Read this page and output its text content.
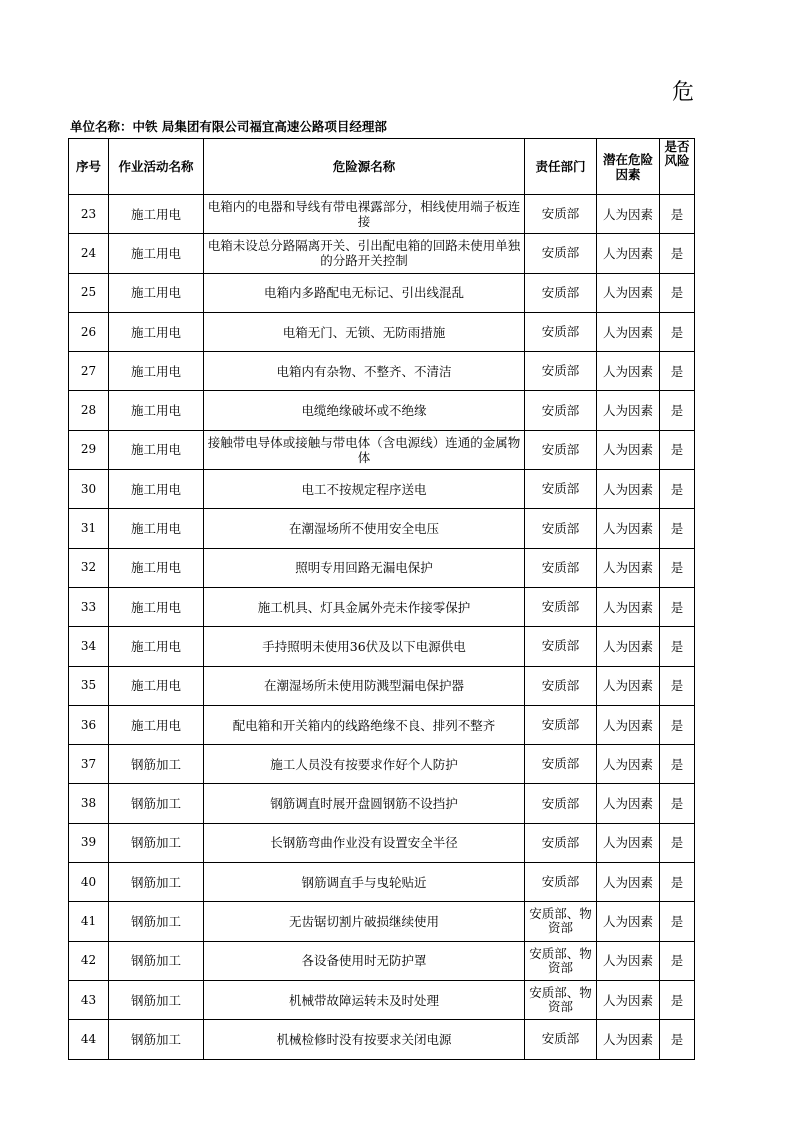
危
单位名称：中铁 局集团有限公司福宜高速公路项目经理部
序号	作业活动名称	危险源名称	责任部门	潜在危险因素	是否风险

23	施工用电	电箱内的电器和导线有带电裸露部分，相线使用端子板连接	安质部	人为因素	是
24	施工用电	电箱未设总分路隔离开关、引出配电箱的回路未使用单独的分路开关控制	安质部	人为因素	是
25	施工用电	电箱内多路配电无标记、引出线混乱	安质部	人为因素	是
26	施工用电	电箱无门、无锁、无防雨措施	安质部	人为因素	是
27	施工用电	电箱内有杂物、不整齐、不清洁	安质部	人为因素	是
28	施工用电	电缆绝缘破坏或不绝缘	安质部	人为因素	是
29	施工用电	接触带电导体或接触与带电体（含电源线）连通的金属物体	安质部	人为因素	是
30	施工用电	电工不按规定程序送电	安质部	人为因素	是
31	施工用电	在潮湿场所不使用安全电压	安质部	人为因素	是
32	施工用电	照明专用回路无漏电保护	安质部	人为因素	是
33	施工用电	施工机具、灯具金属外壳未作接零保护	安质部	人为因素	是
34	施工用电	手持照明未使用36伏及以下电源供电	安质部	人为因素	是
35	施工用电	在潮湿场所未使用防溅型漏电保护器	安质部	人为因素	是
36	施工用电	配电箱和开关箱内的线路绝缘不良、排列不整齐	安质部	人为因素	是
37	钢筋加工	施工人员没有按要求作好个人防护	安质部	人为因素	是
38	钢筋加工	钢筋调直时展开盘圆钢筋不设挡护	安质部	人为因素	是
39	钢筋加工	长钢筋弯曲作业没有设置安全半径	安质部	人为因素	是
40	钢筋加工	钢筋调直手与曳轮贴近	安质部	人为因素	是
41	钢筋加工	无齿锯切割片破损继续使用	安质部、物资部	人为因素	是
42	钢筋加工	各设备使用时无防护罩	安质部、物资部	人为因素	是
43	钢筋加工	机械带故障运转未及时处理	安质部、物资部	人为因素	是
44	钢筋加工	机械检修时没有按要求关闭电源	安质部	人为因素	是
